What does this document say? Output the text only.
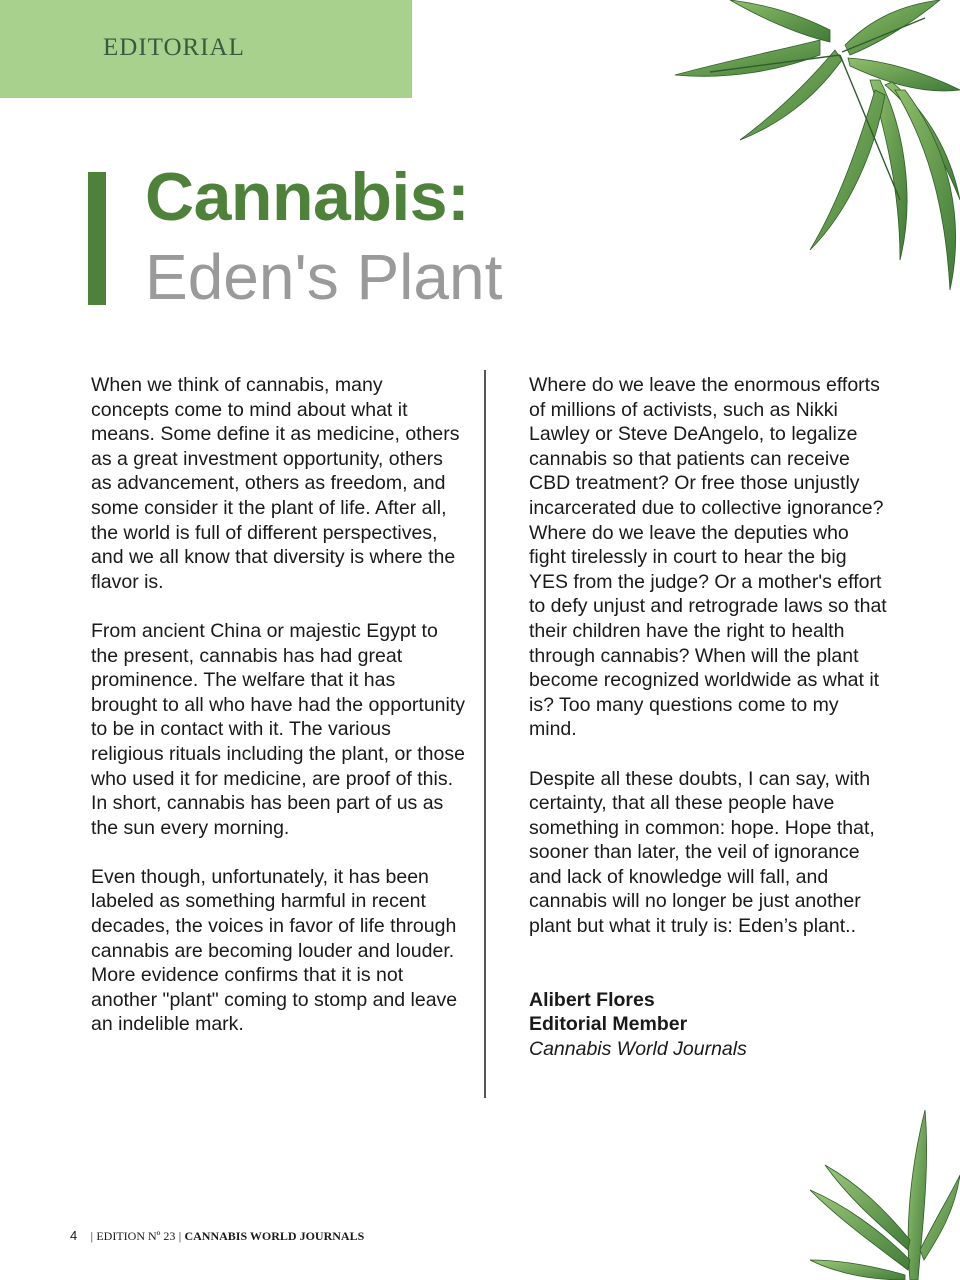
EDITORIAL
Cannabis:
Eden's Plant

When we think of cannabis, many concepts come to mind about what it means. Some define it as medicine, others as a great investment opportunity, others as advancement, others as freedom, and some consider it the plant of life. After all, the world is full of different perspectives, and we all know that diversity is where the flavor is.

From ancient China or majestic Egypt to the present, cannabis has had great prominence. The welfare that it has brought to all who have had the opportunity to be in contact with it. The various religious rituals including the plant, or those who used it for medicine, are proof of this. In short, cannabis has been part of us as the sun every morning.

Even though, unfortunately, it has been labeled as something harmful in recent decades, the voices in favor of life through cannabis are becoming louder and louder. More evidence confirms that it is not another "plant" coming to stomp and leave an indelible mark.

Where do we leave the enormous efforts of millions of activists, such as Nikki Lawley or Steve DeAngelo, to legalize cannabis so that patients can receive CBD treatment? Or free those unjustly incarcerated due to collective ignorance? Where do we leave the deputies who fight tirelessly in court to hear the big YES from the judge? Or a mother's effort to defy unjust and retrograde laws so that their children have the right to health through cannabis? When will the plant become recognized worldwide as what it is? Too many questions come to my mind.

Despite all these doubts, I can say, with certainty, that all these people have something in common: hope. Hope that, sooner than later, the veil of ignorance and lack of knowledge will fall, and cannabis will no longer be just another plant but what it truly is: Eden’s plant..

Alibert Flores
Editorial Member
Cannabis World Journals
4 | EDITION Nº 23 | CANNABIS WORLD JOURNALS
